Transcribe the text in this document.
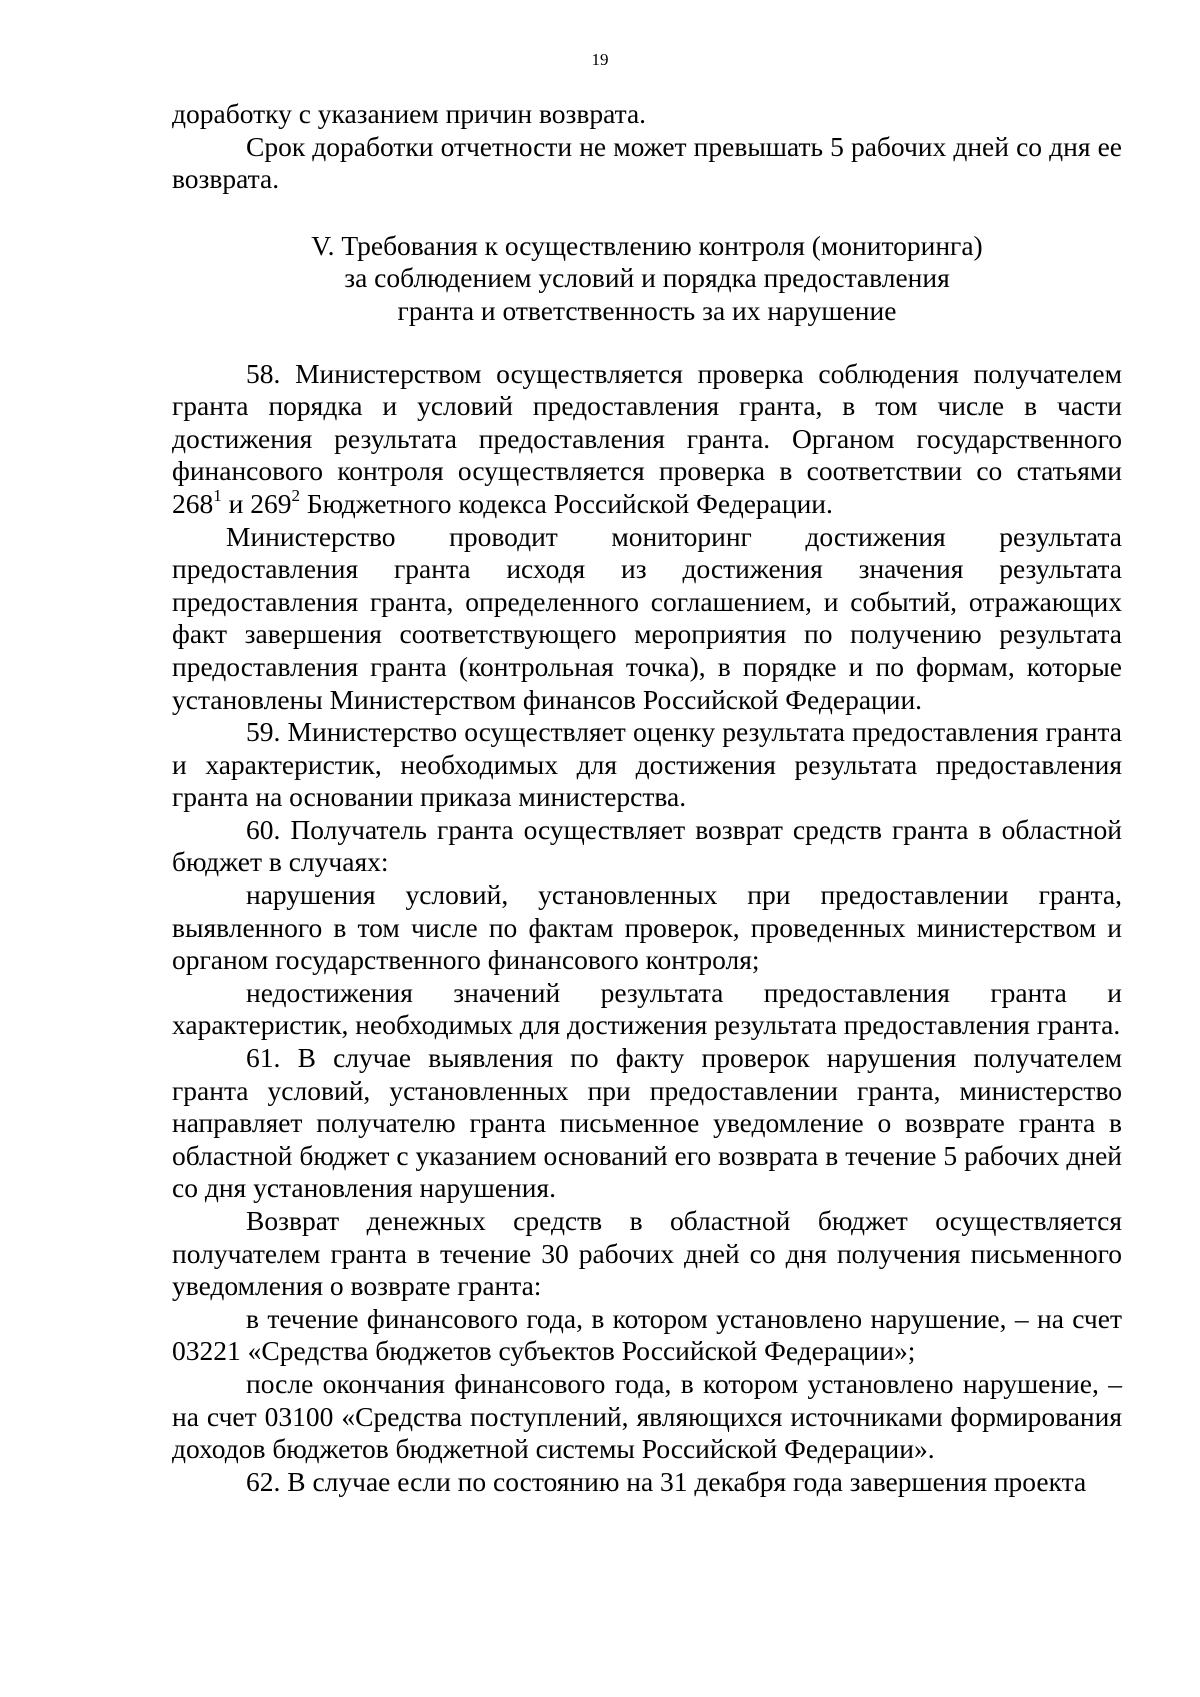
19

доработку с указанием причин возврата.

Срок доработки отчетности не может превышать 5 рабочих дней со дня ее возврата.

V. Требования к осуществлению контроля (мониторинга)
за соблюдением условий и порядка предоставления
гранта и ответственность за их нарушение

58. Министерством осуществляется проверка соблюдения получателем гранта порядка и условий предоставления гранта, в том числе в части достижения результата предоставления гранта. Органом государственного финансового контроля осуществляется проверка в соответствии со статьями $268^1$ и $269^2$ Бюджетного кодекса Российской Федерации.

Министерство проводит мониторинг достижения результата предоставления гранта исходя из достижения значения результата предоставления гранта, определенного соглашением, и событий, отражающих факт завершения соответствующего мероприятия по получению результата предоставления гранта (контрольная точка), в порядке и по формам, которые установлены Министерством финансов Российской Федерации.

59. Министерство осуществляет оценку результата предоставления гранта и характеристик, необходимых для достижения результата предоставления гранта на основании приказа министерства.

60. Получатель гранта осуществляет возврат средств гранта в областной бюджет в случаях:

нарушения условий, установленных при предоставлении гранта, выявленного в том числе по фактам проверок, проведенных министерством и органом государственного финансового контроля;

недостижения значений результата предоставления гранта и характеристик, необходимых для достижения результата предоставления гранта.

61. В случае выявления по факту проверок нарушения получателем гранта условий, установленных при предоставлении гранта, министерство направляет получателю гранта письменное уведомление о возврате гранта в областной бюджет с указанием оснований его возврата в течение 5 рабочих дней со дня установления нарушения.

Возврат денежных средств в областной бюджет осуществляется получателем гранта в течение 30 рабочих дней со дня получения письменного уведомления о возврате гранта:

в течение финансового года, в котором установлено нарушение, – на счет 03221 «Средства бюджетов субъектов Российской Федерации»;

после окончания финансового года, в котором установлено нарушение, – на счет 03100 «Средства поступлений, являющихся источниками формирования доходов бюджетов бюджетной системы Российской Федерации».

62. В случае если по состоянию на 31 декабря года завершения проекта
